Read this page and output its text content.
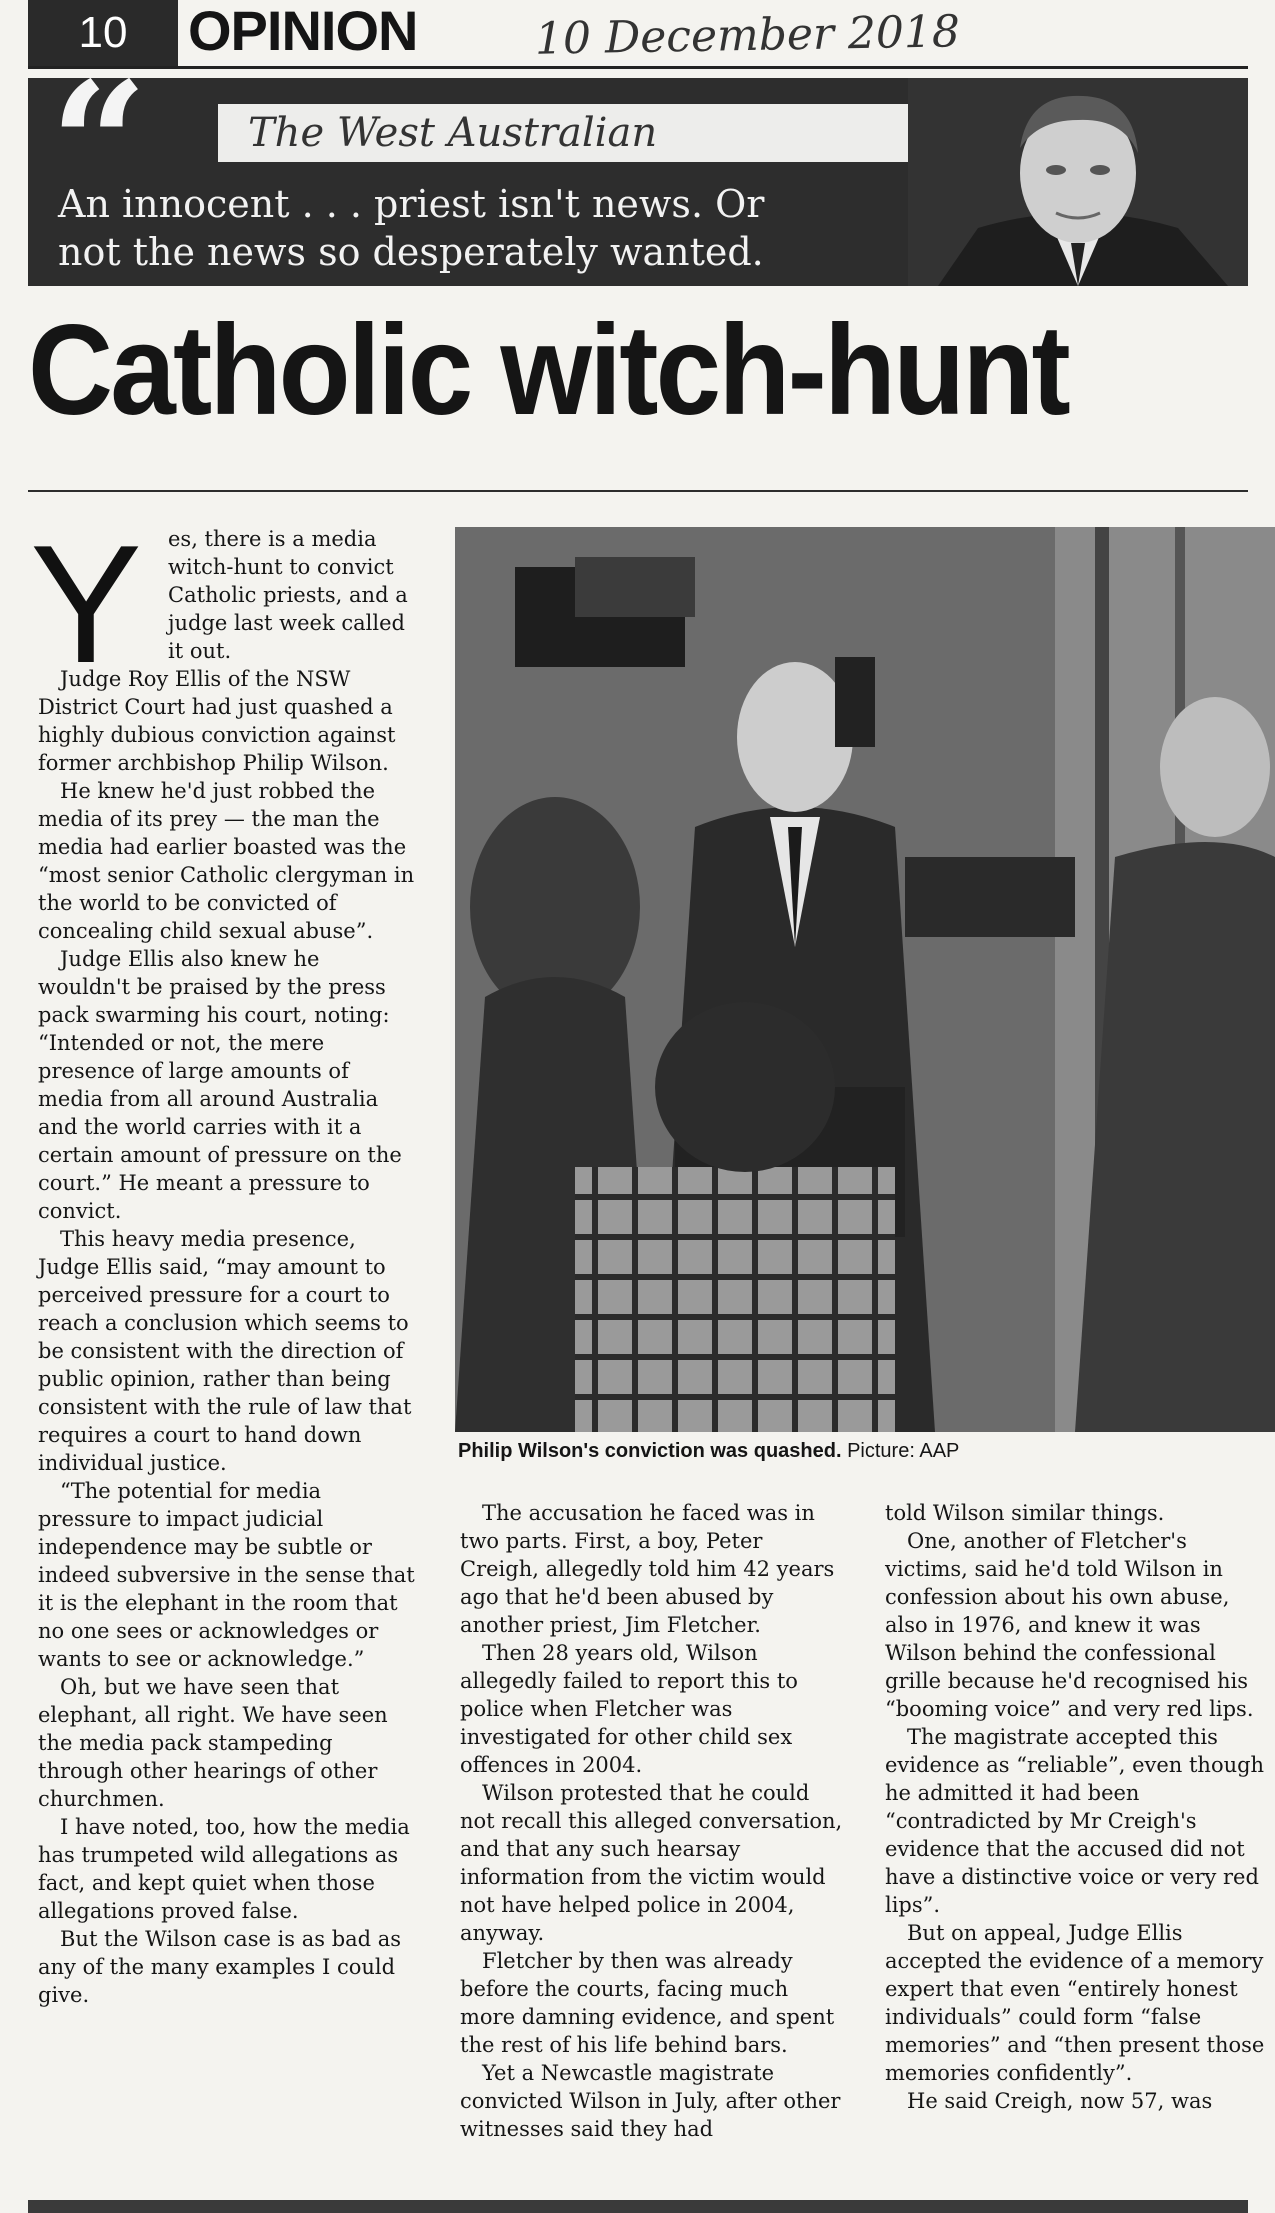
10	OPINION	10 December 2018
“	The West Australian
An innocent . . . priest isn't news. Or
not the news so desperately wanted.
Catholic witch-hunt
Y es, there is a media witch-hunt to convict Catholic priests, and a judge last week called it out.

Judge Roy Ellis of the NSW District Court had just quashed a highly dubious conviction against former archbishop Philip Wilson.

He knew he'd just robbed the media of its prey — the man the media had earlier boasted was the “most senior Catholic clergyman in the world to be convicted of concealing child sexual abuse”.

Judge Ellis also knew he wouldn't be praised by the press pack swarming his court, noting: “Intended or not, the mere presence of large amounts of media from all around Australia and the world carries with it a certain amount of pressure on the court.” He meant a pressure to convict.

This heavy media presence, Judge Ellis said, “may amount to perceived pressure for a court to reach a conclusion which seems to be consistent with the direction of public opinion, rather than being consistent with the rule of law that requires a court to hand down individual justice.

“The potential for media pressure to impact judicial independence may be subtle or indeed subversive in the sense that it is the elephant in the room that no one sees or acknowledges or wants to see or acknowledge.”

Oh, but we have seen that elephant, all right. We have seen the media pack stampeding through other hearings of other churchmen.

I have noted, too, how the media has trumpeted wild allegations as fact, and kept quiet when those allegations proved false.

But the Wilson case is as bad as any of the many examples I could give.

Philip Wilson's conviction was quashed. Picture: AAP

The accusation he faced was in two parts. First, a boy, Peter Creigh, allegedly told him 42 years ago that he'd been abused by another priest, Jim Fletcher.

Then 28 years old, Wilson allegedly failed to report this to police when Fletcher was investigated for other child sex offences in 2004.

Wilson protested that he could not recall this alleged conversation, and that any such hearsay information from the victim would not have helped police in 2004, anyway.

Fletcher by then was already before the courts, facing much more damning evidence, and spent the rest of his life behind bars.

Yet a Newcastle magistrate convicted Wilson in July, after other witnesses said they had

told Wilson similar things.

One, another of Fletcher's victims, said he'd told Wilson in confession about his own abuse, also in 1976, and knew it was Wilson behind the confessional grille because he'd recognised his “booming voice” and very red lips.

The magistrate accepted this evidence as “reliable”, even though he admitted it had been “contradicted by Mr Creigh's evidence that the accused did not have a distinctive voice or very red lips”.

But on appeal, Judge Ellis accepted the evidence of a memory expert that even “entirely honest individuals” could form “false memories” and “then present those memories confidently”.

He said Creigh, now 57, was
